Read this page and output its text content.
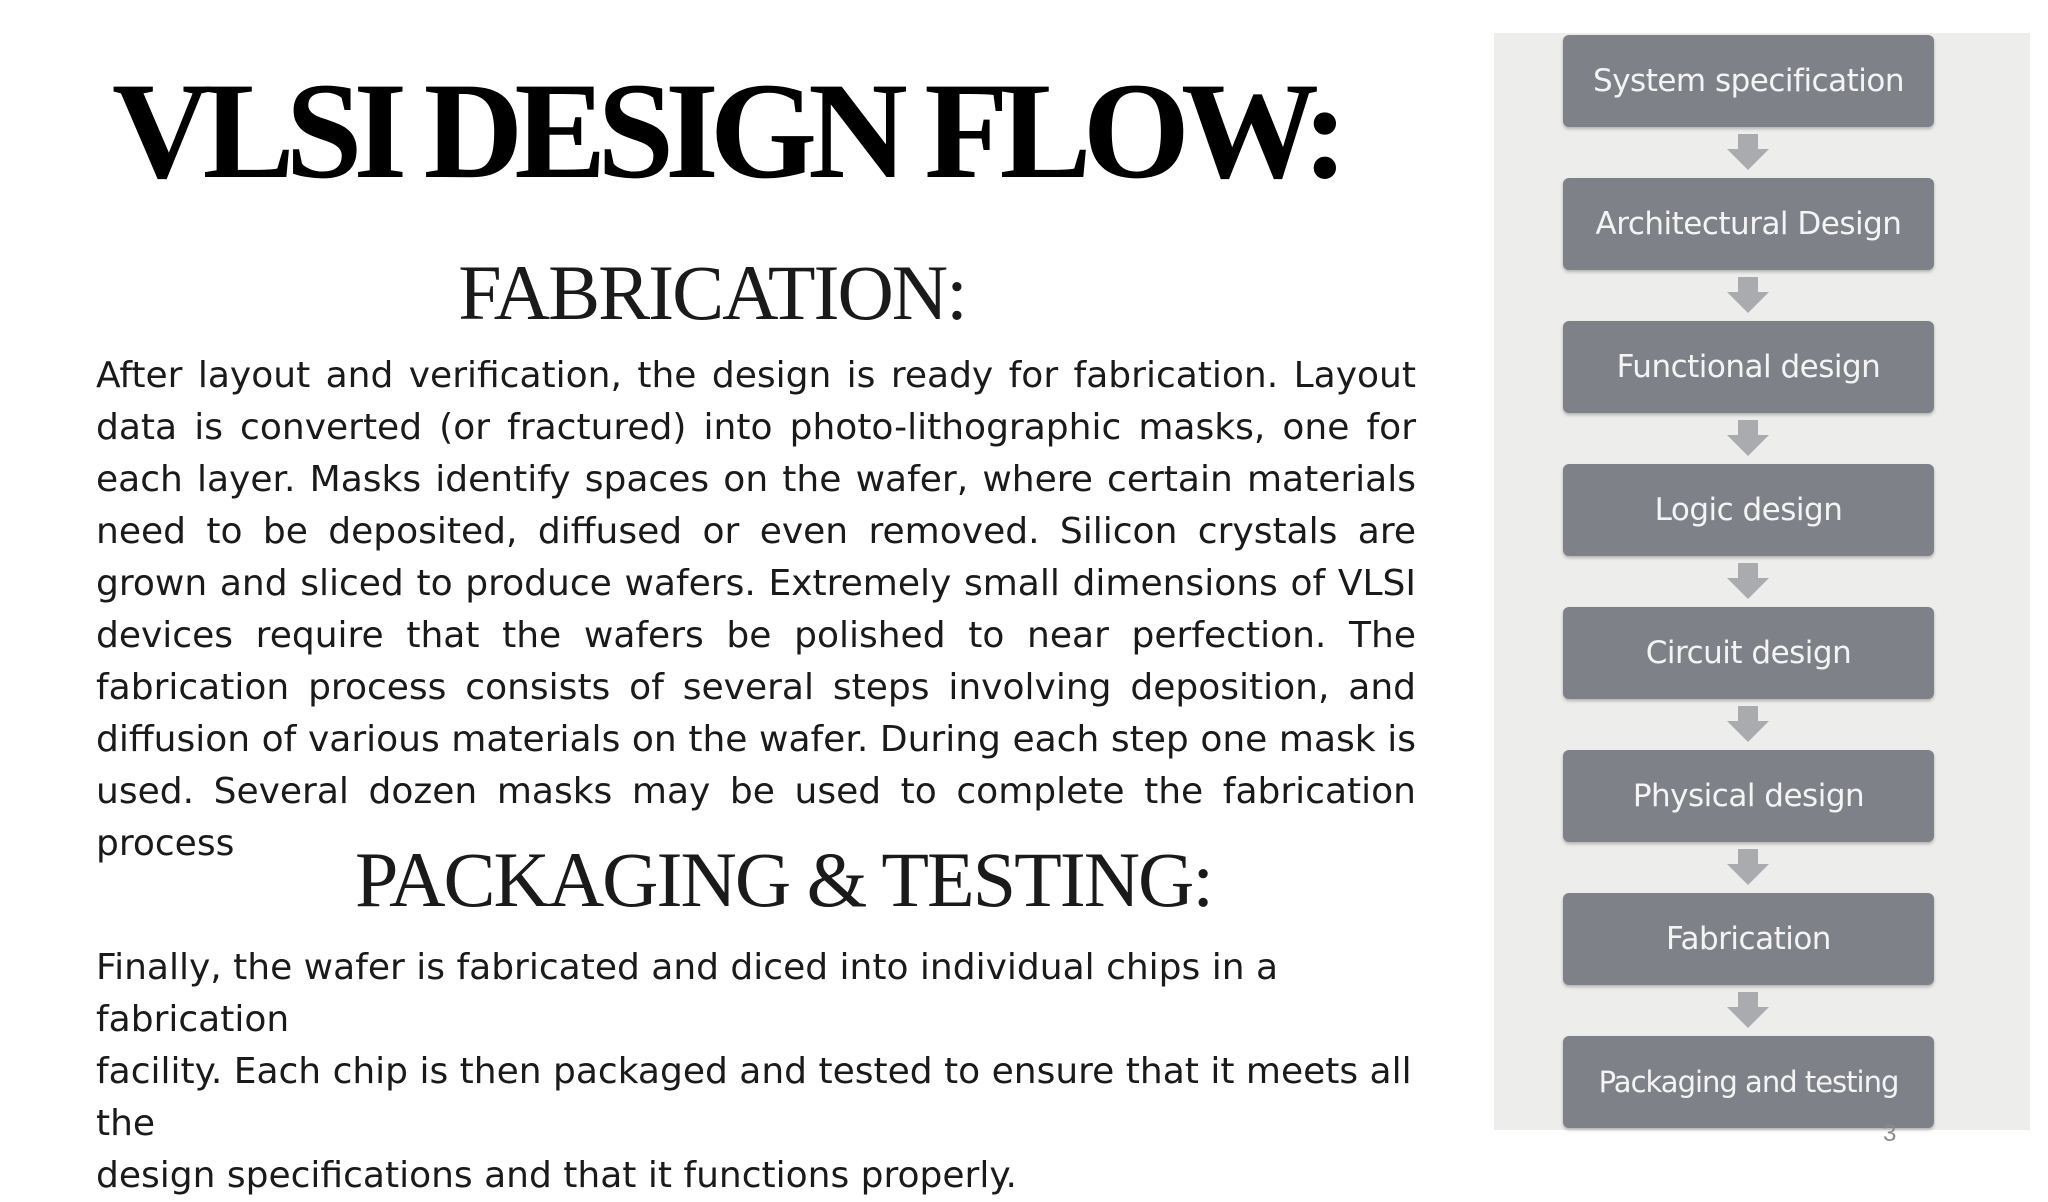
VLSI DESIGN FLOW:
FABRICATION:

After layout and verification, the design is ready for fabrication. Layout data is converted (or fractured) into photo-lithographic masks, one for each layer. Masks identify spaces on the wafer, where certain materials need to be deposited, diffused or even removed. Silicon crystals are grown and sliced to produce wafers. Extremely small dimensions of VLSI devices require that the wafers be polished to near perfection. The fabrication process consists of several steps involving deposition, and diffusion of various materials on the wafer. During each step one mask is used. Several dozen masks may be used to complete the fabrication process	PACKAGING & TESTING:
Finally, the wafer is fabricated and diced into individual chips in a fabrication
facility. Each chip is then packaged and tested to ensure that it meets all the
design specifications and that it functions properly.
System specification
Architectural Design
Functional design
Logic design
Circuit design
Physical design
Fabrication
Packaging and testing
3
